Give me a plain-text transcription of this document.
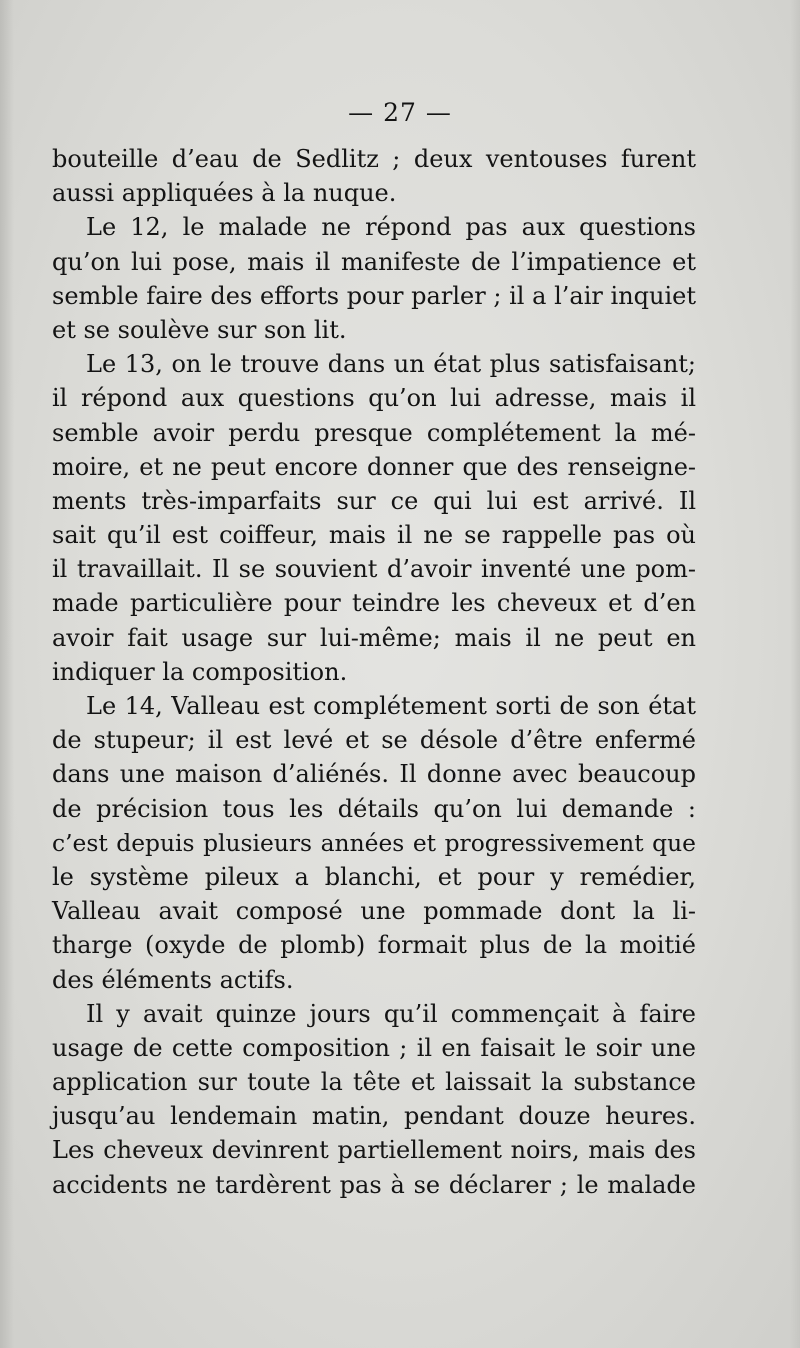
— 27 —
bouteille d’eau de Sedlitz ; deux ventouses furent
aussi appliquées à la nuque.
Le 12, le malade ne répond pas aux questions
qu’on lui pose, mais il manifeste de l’impatience et
semble faire des efforts pour parler ; il a l’air inquiet
et se soulève sur son lit.
Le 13, on le trouve dans un état plus satisfaisant;
il répond aux questions qu’on lui adresse, mais il
semble avoir perdu presque complétement la mé-
moire, et ne peut encore donner que des renseigne-
ments très-imparfaits sur ce qui lui est arrivé. Il
sait qu’il est coiffeur, mais il ne se rappelle pas où
il travaillait. Il se souvient d’avoir inventé une pom-
made particulière pour teindre les cheveux et d’en
avoir fait usage sur lui-même; mais il ne peut en
indiquer la composition.
Le 14, Valleau est complétement sorti de son état
de stupeur; il est levé et se désole d’être enfermé
dans une maison d’aliénés. Il donne avec beaucoup
de précision tous les détails qu’on lui demande :
c’est depuis plusieurs années et progressivement que
le système pileux a blanchi, et pour y remédier,
Valleau avait composé une pommade dont la li-
tharge (oxyde de plomb) formait plus de la moitié
des éléments actifs.
Il y avait quinze jours qu’il commençait à faire
usage de cette composition ; il en faisait le soir une
application sur toute la tête et laissait la substance
jusqu’au lendemain matin, pendant douze heures.
Les cheveux devinrent partiellement noirs, mais des
accidents ne tardèrent pas à se déclarer ; le malade
